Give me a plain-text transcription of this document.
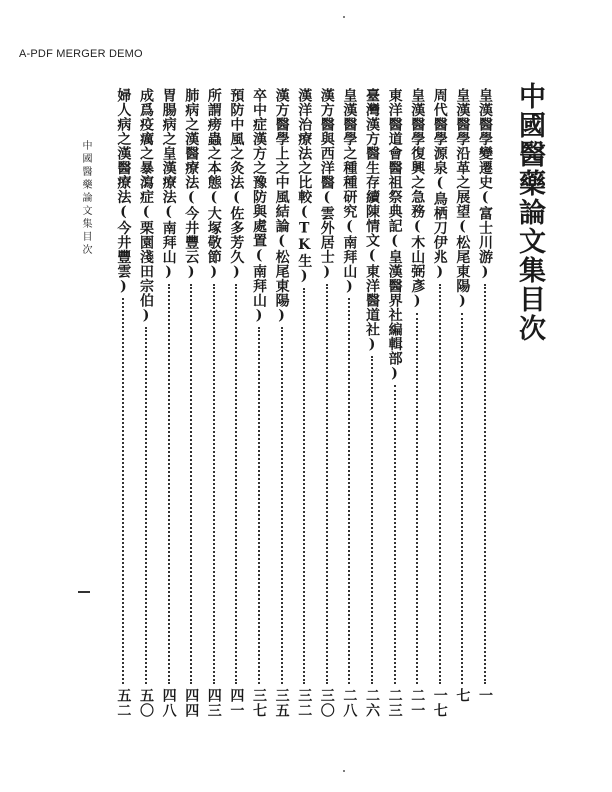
A-PDF MERGER DEMO
中國醫藥論文集目次
皇漢醫學變遷史(富士川游)
一
皇漢醫學沿革之展望(松尾東陽)
七
周代醫學源泉(鳥栖刀伊兆)
一七
皇漢醫學復興之急務(木山弼彥)
二一
東洋醫道會醫祖祭典記(皇漢醫界社編輯部)
二三
臺灣漢方醫生存續陳情文(東洋醫道社)
二六
皇漢醫學之種種研究(南拜山)
二八
漢方醫與西洋醫(雲外居士)
三〇
漢洋治療法之比較(TK生)
三二
漢方醫學上之中風結論(松尾東陽)
三五
卒中症漢方之豫防與處置(南拜山)
三七
預防中風之灸法(佐多芳久)
四一
所謂痨蟲之本態(大塚敬節)
四三
肺病之漢醫療法(今井豐云)
四四
胃腸病之皇漢療法(南拜山)
四八
成爲疫癘之暴瀉症(栗園淺田宗伯)
五〇
婦人病之漢醫療法(今井豐雲)
五二
中國醫藥論文集目次
